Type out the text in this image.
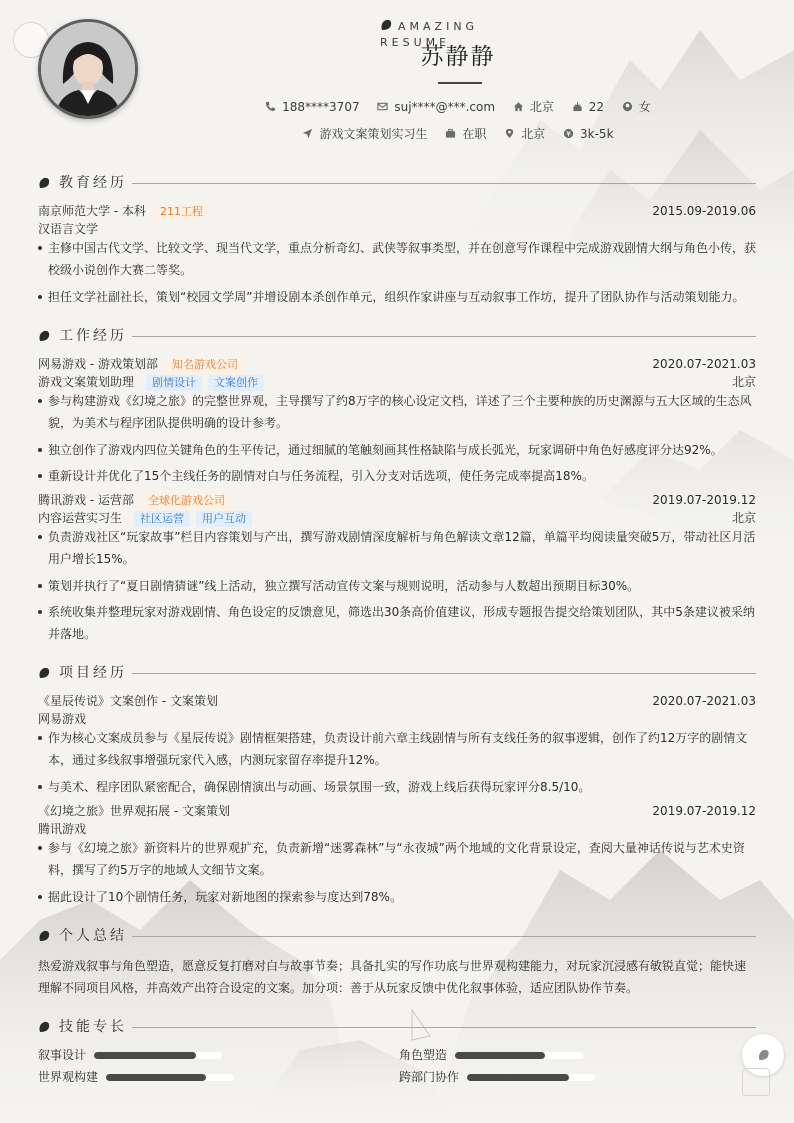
AMAZING RESUME
苏静静
188****3707	suj****@***.com	北京	22	女
游戏文案策划实习生	在职	北京	3k-5k
教育经历
南京师范大学 - 本科 211工程	2015.09-2019.06
汉语言文学
主修中国古代文学、比较文学、现当代文学，重点分析奇幻、武侠等叙事类型，并在创意写作课程中完成游戏剧情大纲与角色小传，获校级小说创作大赛二等奖。
担任文学社副社长，策划“校园文学周”并增设剧本杀创作单元，组织作家讲座与互动叙事工作坊，提升了团队协作与活动策划能力。
工作经历
网易游戏 - 游戏策划部 知名游戏公司	2020.07-2021.03
游戏文案策划助理 剧情设计 文案创作	北京
参与构建游戏《幻境之旅》的完整世界观，主导撰写了约8万字的核心设定文档，详述了三个主要种族的历史渊源与五大区域的生态风貌，为美术与程序团队提供明确的设计参考。
独立创作了游戏内四位关键角色的生平传记，通过细腻的笔触刻画其性格缺陷与成长弧光，玩家调研中角色好感度评分达92%。
重新设计并优化了15个主线任务的剧情对白与任务流程，引入分支对话选项，使任务完成率提高18%。
腾讯游戏 - 运营部 全球化游戏公司	2019.07-2019.12
内容运营实习生 社区运营 用户互动	北京
负责游戏社区“玩家故事”栏目内容策划与产出，撰写游戏剧情深度解析与角色解读文章12篇，单篇平均阅读量突破5万，带动社区月活用户增长15%。
策划并执行了“夏日剧情猜谜”线上活动，独立撰写活动宣传文案与规则说明，活动参与人数超出预期目标30%。
系统收集并整理玩家对游戏剧情、角色设定的反馈意见，筛选出30条高价值建议，形成专题报告提交给策划团队，其中5条建议被采纳并落地。
项目经历
《星辰传说》文案创作 - 文案策划	2020.07-2021.03
网易游戏
作为核心文案成员参与《星辰传说》剧情框架搭建，负责设计前六章主线剧情与所有支线任务的叙事逻辑，创作了约12万字的剧情文本，通过多线叙事增强玩家代入感，内测玩家留存率提升12%。
与美术、程序团队紧密配合，确保剧情演出与动画、场景氛围一致，游戏上线后获得玩家评分8.5/10。
《幻境之旅》世界观拓展 - 文案策划	2019.07-2019.12
腾讯游戏
参与《幻境之旅》新资料片的世界观扩充，负责新增“迷雾森林”与“永夜城”两个地域的文化背景设定，查阅大量神话传说与艺术史资料，撰写了约5万字的地域人文细节文案。
据此设计了10个剧情任务，玩家对新地图的探索参与度达到78%。
个人总结
热爱游戏叙事与角色塑造，愿意反复打磨对白与故事节奏；具备扎实的写作功底与世界观构建能力，对玩家沉浸感有敏锐直觉；能快速理解不同项目风格，并高效产出符合设定的文案。加分项：善于从玩家反馈中优化叙事体验，适应团队协作节奏。
技能专长
叙事设计	角色塑造
世界观构建	跨部门协作
